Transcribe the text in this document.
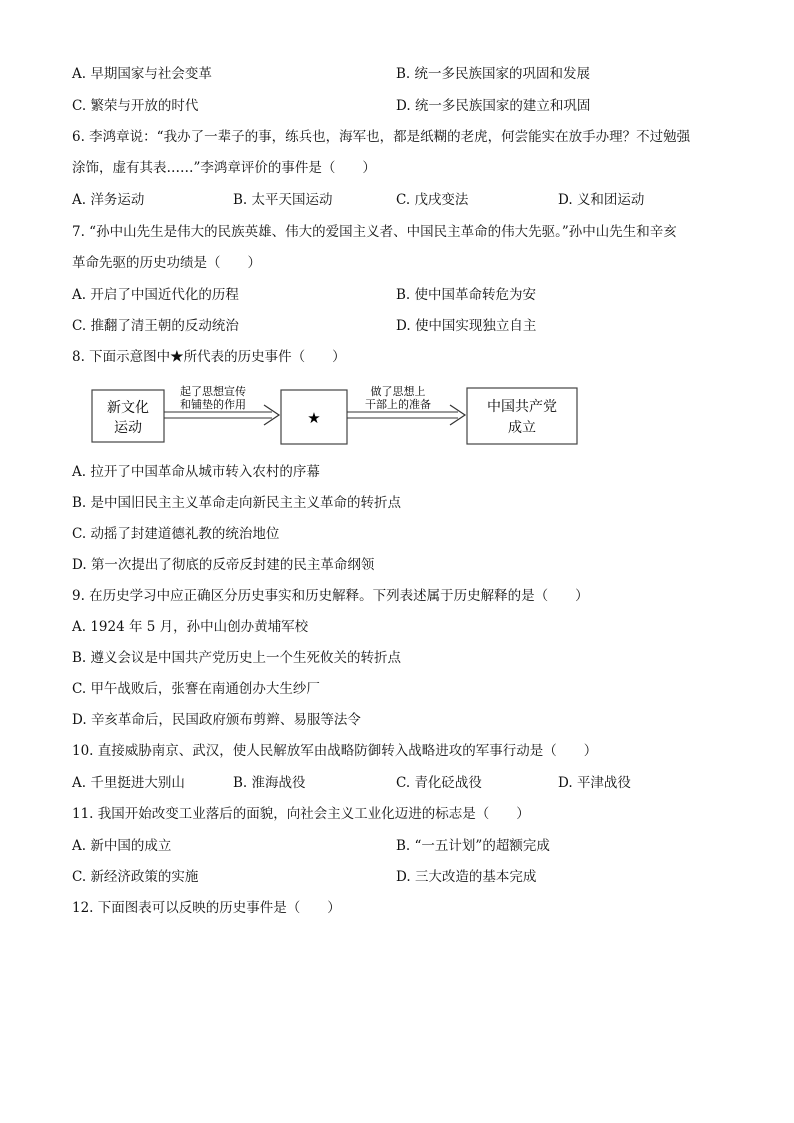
A. 早期国家与社会变革	B. 统一多民族国家的巩固和发展
C. 繁荣与开放的时代	D. 统一多民族国家的建立和巩固
6. 李鸿章说：“我办了一辈子的事，练兵也，海军也，都是纸糊的老虎，何尝能实在放手办理？不过勉强
涂饰，虚有其表……”李鸿章评价的事件是（　　）
A. 洋务运动	B. 太平天国运动	C. 戊戌变法	D. 义和团运动
7. “孙中山先生是伟大的民族英雄、伟大的爱国主义者、中国民主革命的伟大先驱。”孙中山先生和辛亥
革命先驱的历史功绩是（　　）
A. 开启了中国近代化的历程	B. 使中国革命转危为安
C. 推翻了清王朝的反动统治	D. 使中国实现独立自主
8. 下面示意图中★所代表的历史事件（　　）
新文化
运动
起了思想宣传
和铺垫的作用
★
做了思想上
干部上的准备	中国共产党
成立
A. 拉开了中国革命从城市转入农村的序幕
B. 是中国旧民主主义革命走向新民主主义革命的转折点
C. 动摇了封建道德礼教的统治地位
D. 第一次提出了彻底的反帝反封建的民主革命纲领
9. 在历史学习中应正确区分历史事实和历史解释。下列表述属于历史解释的是（　　）
A. 1924 年 5 月，孙中山创办黄埔军校
B. 遵义会议是中国共产党历史上一个生死攸关的转折点
C. 甲午战败后，张謇在南通创办大生纱厂
D. 辛亥革命后，民国政府颁布剪辫、易服等法令
10. 直接威胁南京、武汉，使人民解放军由战略防御转入战略进攻的军事行动是（　　）
A. 千里挺进大别山	B. 淮海战役	C. 青化砭战役	D. 平津战役
11. 我国开始改变工业落后的面貌，向社会主义工业化迈进的标志是（　　）
A. 新中国的成立	B. “一五计划”的超额完成
C. 新经济政策的实施	D. 三大改造的基本完成
12. 下面图表可以反映的历史事件是（　　）
